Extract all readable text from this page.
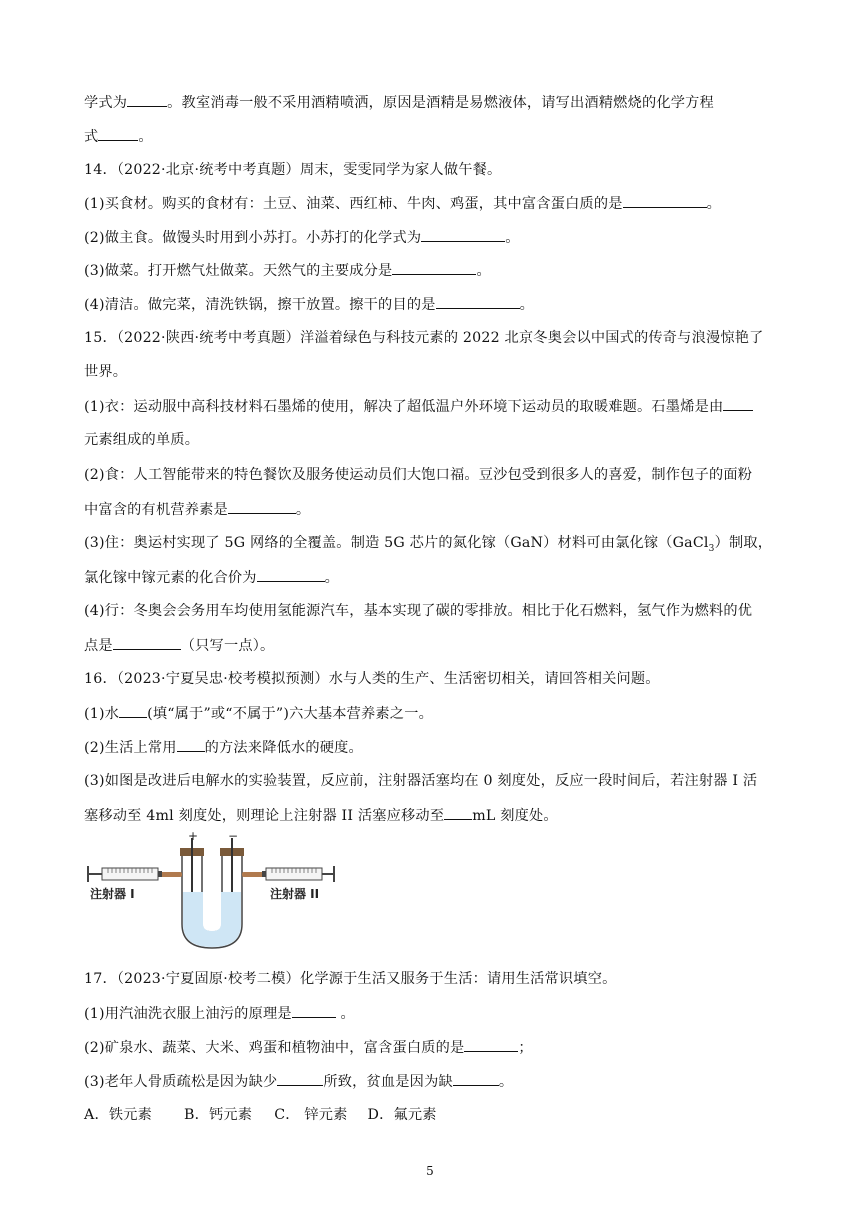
学式为	。教室消毒一般不采用酒精喷洒，原因是酒精是易燃液体，请写出酒精燃烧的化学方程
式	。
14．（2022·北京·统考中考真题）周末，雯雯同学为家人做午餐。
(1)买食材。购买的食材有：土豆、油菜、西红柿、牛肉、鸡蛋，其中富含蛋白质的是	。
(2)做主食。做馒头时用到小苏打。小苏打的化学式为	。
(3)做菜。打开燃气灶做菜。天然气的主要成分是	。
(4)清洁。做完菜，清洗铁锅，擦干放置。擦干的目的是	。
15．（2022·陕西·统考中考真题）洋溢着绿色与科技元素的 2022 北京冬奥会以中国式的传奇与浪漫惊艳了
世界。
(1)衣：运动服中高科技材料石墨烯的使用，解决了超低温户外环境下运动员的取暖难题。石墨烯是由
元素组成的单质。
(2)食：人工智能带来的特色餐饮及服务使运动员们大饱口福。豆沙包受到很多人的喜爱，制作包子的面粉
中富含的有机营养素是	。
(3)住：奥运村实现了 5G 网络的全覆盖。制造 5G 芯片的氮化镓（GaN）材料可由氯化镓（GaCl$_3$）制取，
氯化镓中镓元素的化合价为	。
(4)行：冬奥会会务用车均使用氢能源汽车，基本实现了碳的零排放。相比于化石燃料，氢气作为燃料的优
点是	（只写一点）。
16．（2023·宁夏吴忠·校考模拟预测）水与人类的生产、生活密切相关，请回答相关问题。
(1)水 (填“属于”或“不属于”)六大基本营养素之一。
(2)生活上常用 的方法来降低水的硬度。
(3)如图是改进后电解水的实验装置，反应前，注射器活塞均在 0 刻度处，反应一段时间后，若注射器 I 活
塞移动至 4ml 刻度处，则理论上注射器 II 活塞应移动至 mL 刻度处。
+ −
注射器 I	注射器 II
17．（2023·宁夏固原·校考二模）化学源于生活又服务于生活：请用生活常识填空。
(1)用汽油洗衣服上油污的原理是	。
(2)矿泉水、蔬菜、大米、鸡蛋和植物油中，富含蛋白质的是	；
(3)老年人骨质疏松是因为缺少	所致，贫血是因为缺	。
A．铁元素 B．钙元素 C． 锌元素 D．氟元素
5
